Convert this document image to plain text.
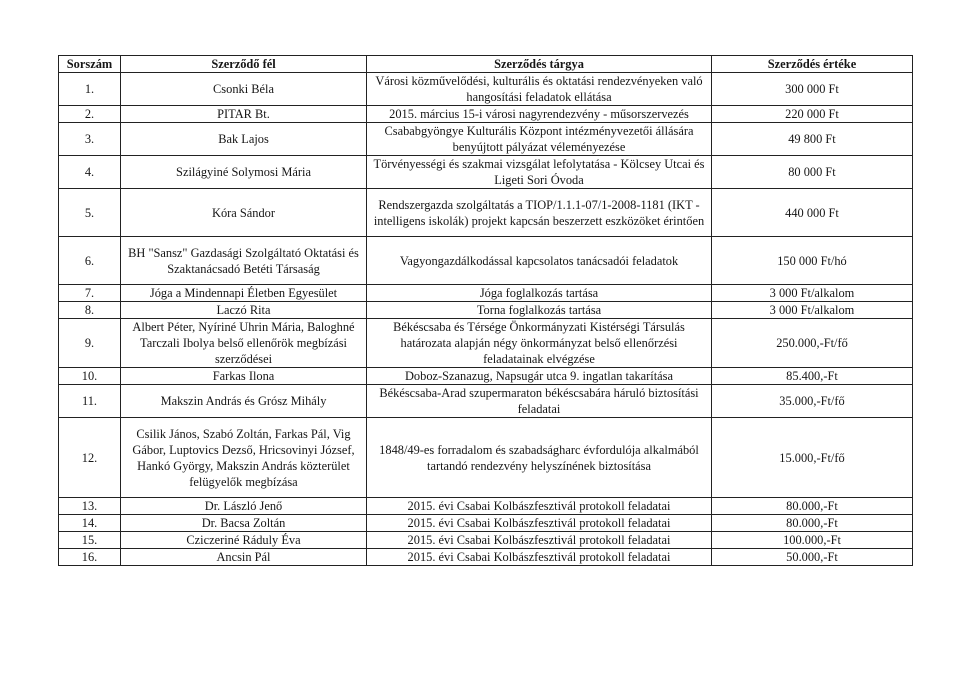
Sorszám	Szerződő fél	Szerződés tárgya	Szerződés értéke
1.	Csonki Béla	Városi közművelődési, kulturális és oktatási rendezvényeken való hangosítási feladatok ellátása	300 000 Ft
2.	PITAR Bt.	2015. március 15-i városi nagyrendezvény - műsorszervezés	220 000 Ft
3.	Bak Lajos	Csababgyöngye Kulturális Központ intézményvezetői állására benyújtott pályázat véleményezése	49 800 Ft
4.	Szilágyiné Solymosi Mária	Törvényességi és szakmai vizsgálat lefolytatása - Kölcsey Utcai és Ligeti Sori Óvoda	80 000 Ft
5.	Kóra Sándor	Rendszergazda szolgáltatás a TIOP/1.1.1-07/1-2008-1181 (IKT - intelligens iskolák) projekt kapcsán beszerzett eszközöket érintően	440 000 Ft
6.	BH "Sansz" Gazdasági Szolgáltató Oktatási és Szaktanácsadó Betéti Társaság	Vagyongazdálkodással kapcsolatos tanácsadói feladatok	150 000 Ft/hó
7.	Jóga a Mindennapi Életben Egyesület	Jóga foglalkozás tartása	3 000 Ft/alkalom
8.	Laczó Rita	Torna foglalkozás tartása	3 000 Ft/alkalom
9.	Albert Péter, Nyíriné Uhrin Mária, Baloghné Tarczali Ibolya belső ellenőrök megbízási szerződései	Békéscsaba és Térsége Önkormányzati Kistérségi Társulás határozata alapján négy önkormányzat belső ellenőrzési feladatainak elvégzése	250.000,-Ft/fő
10.	Farkas Ilona	Doboz-Szanazug, Napsugár utca 9. ingatlan takarítása	85.400,-Ft
11.	Makszin András és Grósz Mihály	Békéscsaba-Arad szupermaraton békéscsabára háruló biztosítási feladatai	35.000,-Ft/fő
12.	Csilik János, Szabó Zoltán, Farkas Pál, Vig Gábor, Luptovics Dezső, Hricsovinyi József, Hankó György, Makszin András közterület felügyelők megbízása	1848/49-es forradalom és szabadságharc évfordulója alkalmából tartandó rendezvény helyszínének biztosítása	15.000,-Ft/fő
13.	Dr. László Jenő	2015. évi Csabai Kolbászfesztivál protokoll feladatai	80.000,-Ft
14.	Dr. Bacsa Zoltán	2015. évi Csabai Kolbászfesztivál protokoll feladatai	80.000,-Ft
15.	Cziczeriné Ráduly Éva	2015. évi Csabai Kolbászfesztivál protokoll feladatai	100.000,-Ft
16.	Ancsin Pál	2015. évi Csabai Kolbászfesztivál protokoll feladatai	50.000,-Ft
